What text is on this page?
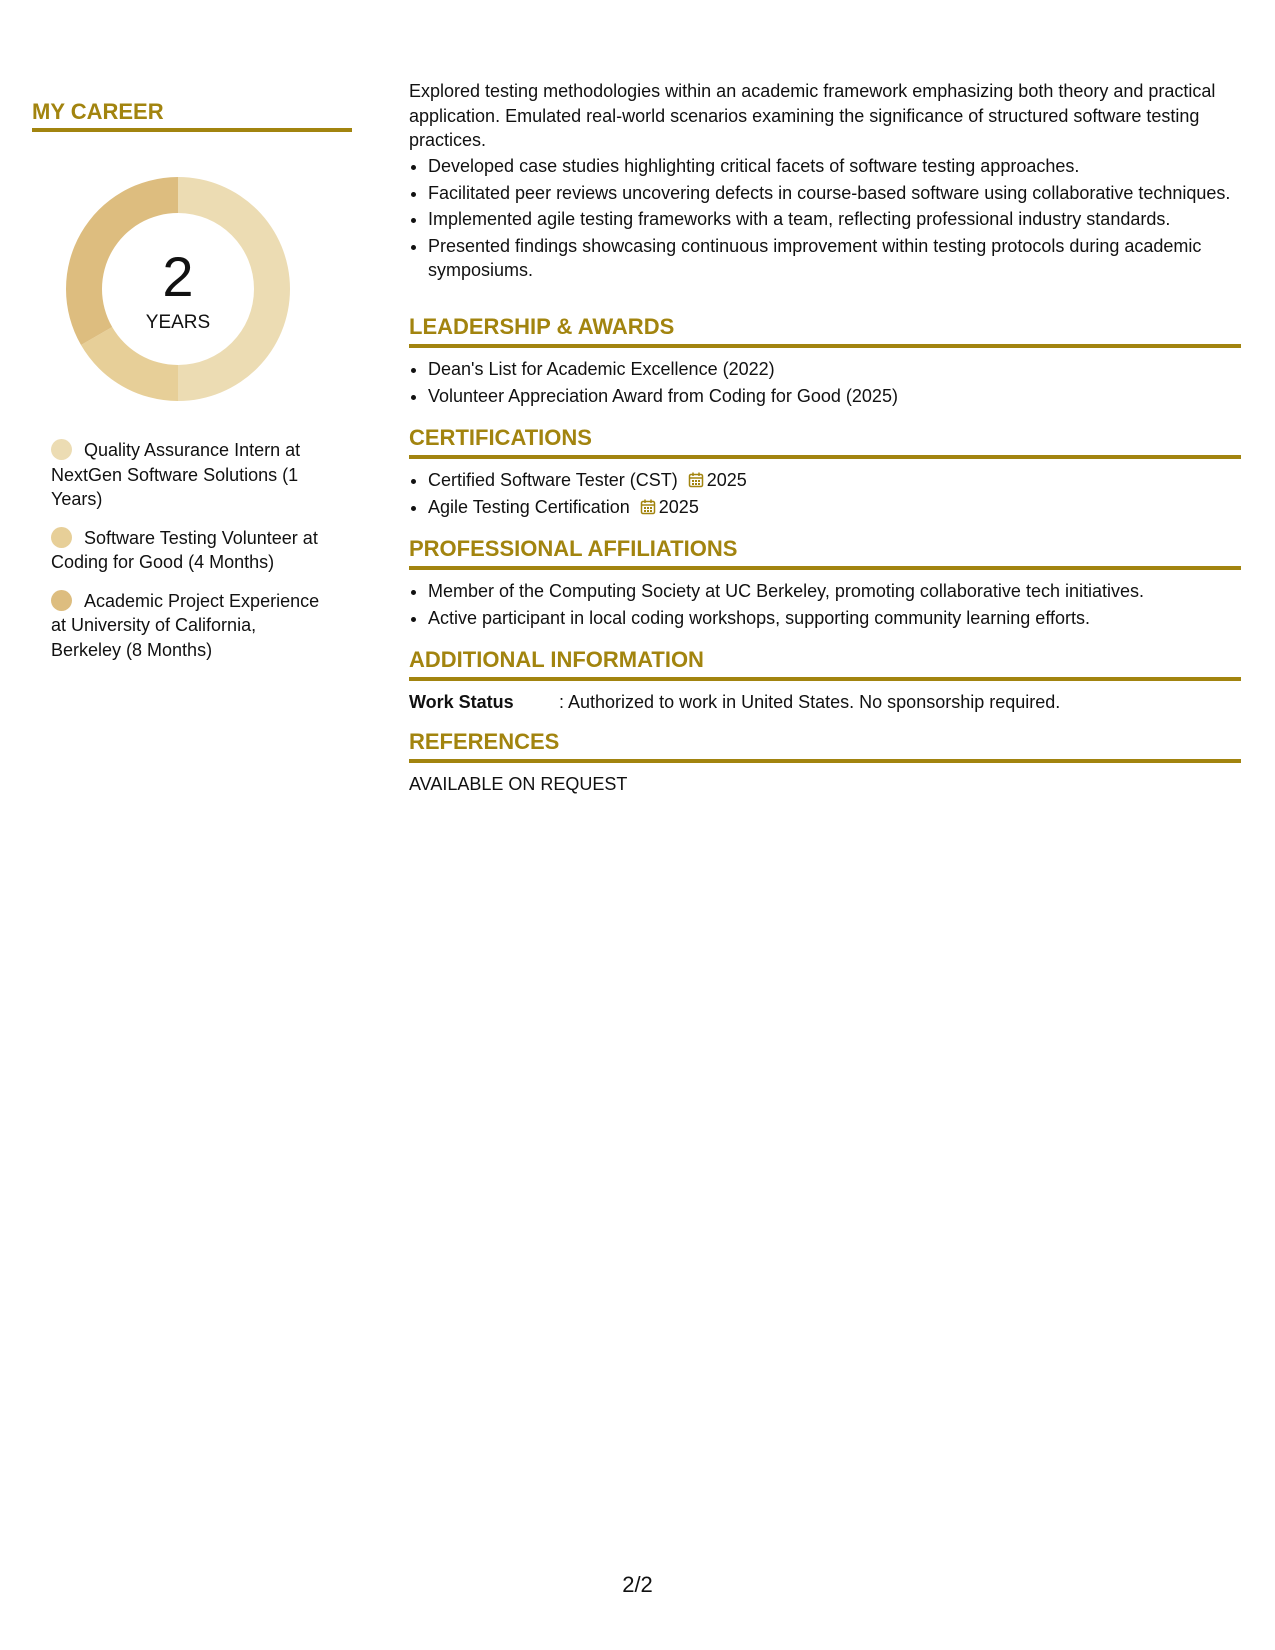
MY CAREER
2
YEARS
Quality Assurance Intern at NextGen Software Solutions (1 Years)
Software Testing Volunteer at Coding for Good (4 Months)
Academic Project Experience at University of California, Berkeley (8 Months)

Explored testing methodologies within an academic framework emphasizing both theory and practical application. Emulated real-world scenarios examining the significance of structured software testing practices.

• Developed case studies highlighting critical facets of software testing approaches.
• Facilitated peer reviews uncovering defects in course-based software using collaborative techniques.
• Implemented agile testing frameworks with a team, reflecting professional industry standards.
• Presented findings showcasing continuous improvement within testing protocols during academic symposiums.
LEADERSHIP & AWARDS
• Dean's List for Academic Excellence (2022)
• Volunteer Appreciation Award from Coding for Good (2025)
CERTIFICATIONS
• Certified Software Tester (CST) 2025
• Agile Testing Certification 2025
PROFESSIONAL AFFILIATIONS
• Member of the Computing Society at UC Berkeley, promoting collaborative tech initiatives.
• Active participant in local coding workshops, supporting community learning efforts.
ADDITIONAL INFORMATION
Work Status	: Authorized to work in United States. No sponsorship required.
REFERENCES
AVAILABLE ON REQUEST
2/2
